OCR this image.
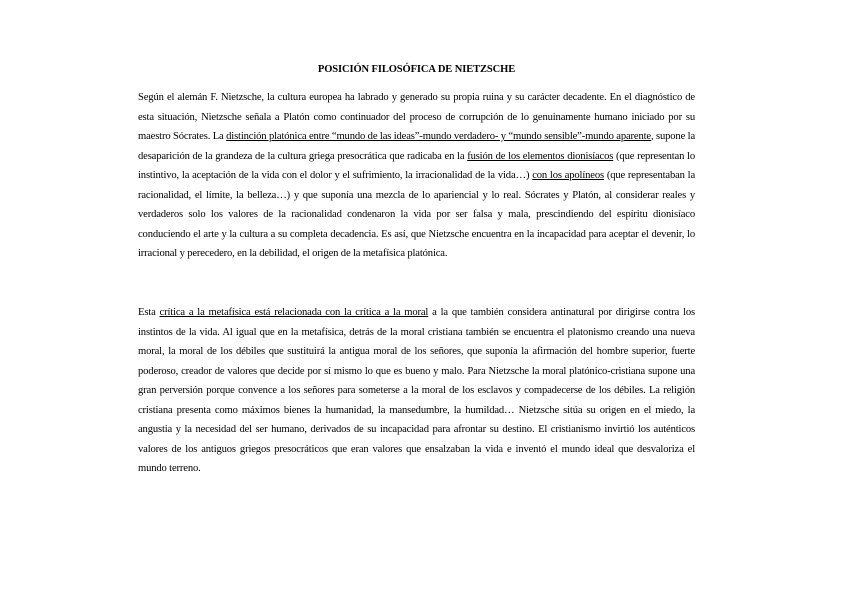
POSICIÓN FILOSÓFICA DE NIETZSCHE

Según el alemán F. Nietzsche, la cultura europea ha labrado y generado su propia ruina y su carácter decadente. En el diagnóstico de esta situación, Nietzsche señala a Platón como continuador del proceso de corrupción de lo genuinamente humano iniciado por su maestro Sócrates. La distinción platónica entre “mundo de las ideas”-mundo verdadero- y “mundo sensible”-mundo aparente, supone la desaparición de la grandeza de la cultura griega presocrática que radicaba en la fusión de los elementos dionisíacos (que representan lo instintivo, la aceptación de la vida con el dolor y el sufrimiento, la irracionalidad de la vida…) con los apolíneos (que representaban la racionalidad, el límite, la belleza…) y que suponía una mezcla de lo apariencial y lo real. Sócrates y Platón, al considerar reales y verdaderos solo los valores de la racionalidad condenaron la vida por ser falsa y mala, prescindiendo del espíritu dionisíaco conduciendo el arte y la cultura a su completa decadencia. Es así, que Nietzsche encuentra en la incapacidad para aceptar el devenir, lo irracional y perecedero, en la debilidad, el origen de la metafísica platónica.

Esta crítica a la metafísica está relacionada con la crítica a la moral a la que también considera antinatural por dirigirse contra los instintos de la vida. Al igual que en la metafísica, detrás de la moral cristiana también se encuentra el platonismo creando una nueva moral, la moral de los débiles que sustituirá la antigua moral de los señores, que suponía la afirmación del hombre superior, fuerte poderoso, creador de valores que decide por sí mismo lo que es bueno y malo. Para Nietzsche la moral platónico-cristiana supone una gran perversión porque convence a los señores para someterse a la moral de los esclavos y compadecerse de los débiles. La religión cristiana presenta como máximos bienes la humanidad, la mansedumbre, la humildad… Nietzsche sitúa su origen en el miedo, la angustia y la necesidad del ser humano, derivados de su incapacidad para afrontar su destino. El cristianismo invirtió los auténticos valores de los antiguos griegos presocráticos que eran valores que ensalzaban la vida e inventó el mundo ideal que desvaloriza el mundo terreno.
